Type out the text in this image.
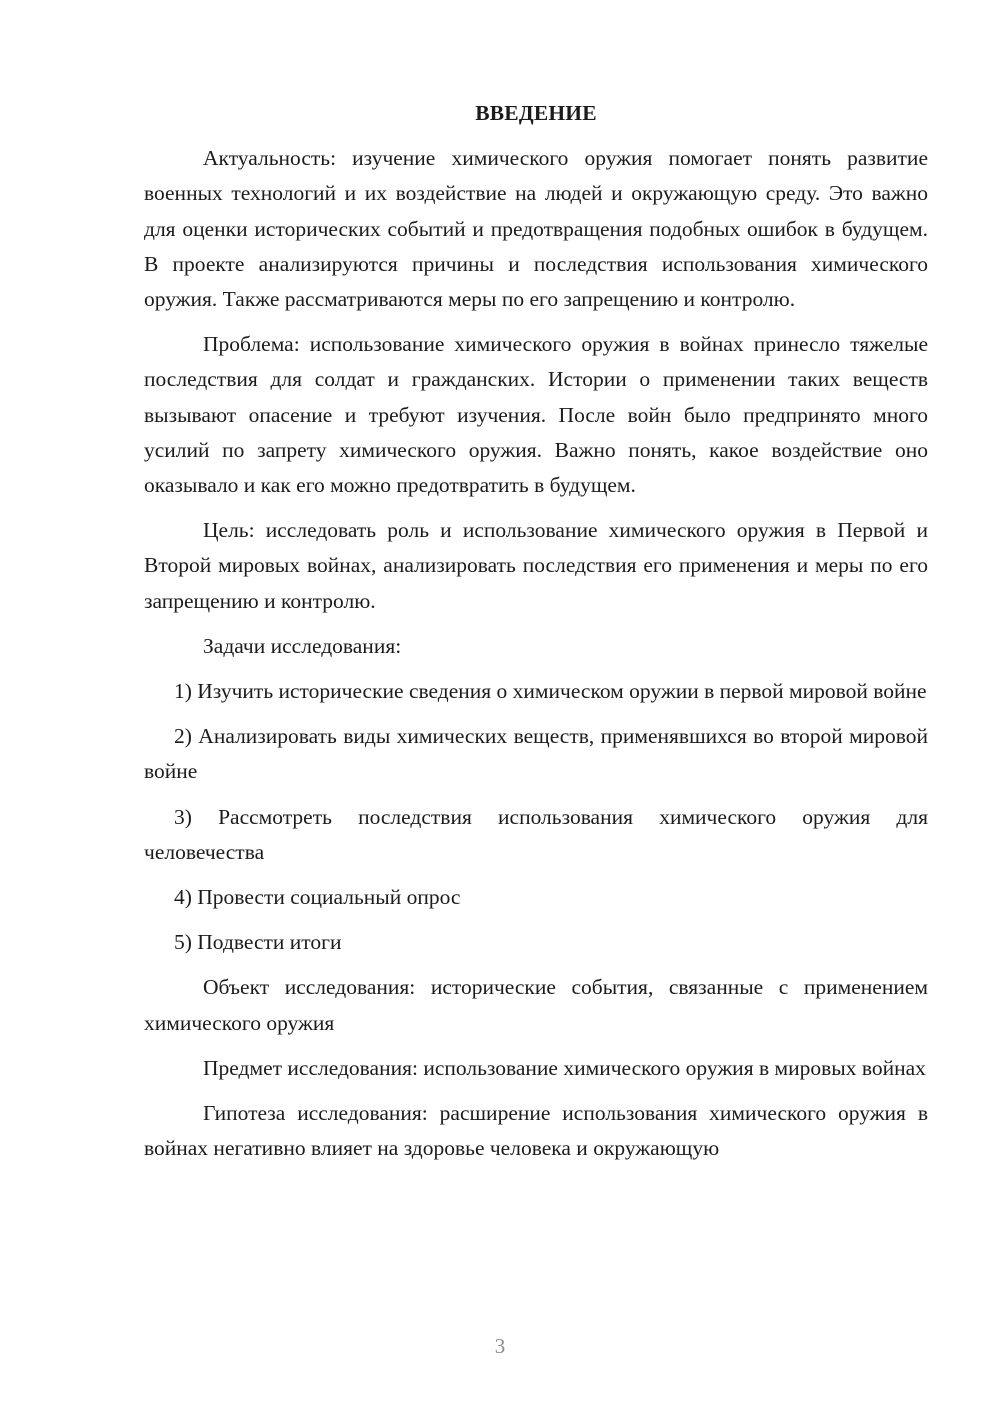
ВВЕДЕНИЕ

Актуальность: изучение химического оружия помогает понять развитие военных технологий и их воздействие на людей и окружающую среду. Это важно для оценки исторических событий и предотвращения подобных ошибок в будущем. В проекте анализируются причины и последствия использования химического оружия. Также рассматриваются меры по его запрещению и контролю.

Проблема: использование химического оружия в войнах принесло тяжелые последствия для солдат и гражданских. Истории о применении таких веществ вызывают опасение и требуют изучения. После войн было предпринято много усилий по запрету химического оружия. Важно понять, какое воздействие оно оказывало и как его можно предотвратить в будущем.

Цель: исследовать роль и использование химического оружия в Первой и Второй мировых войнах, анализировать последствия его применения и меры по его запрещению и контролю.

Задачи исследования:

1) Изучить исторические сведения о химическом оружии в первой мировой войне

2) Анализировать виды химических веществ, применявшихся во второй мировой войне

3) Рассмотреть последствия использования химического оружия для человечества

4) Провести социальный опрос

5) Подвести итоги

Объект исследования: исторические события, связанные с применением химического оружия

Предмет исследования: использование химического оружия в мировых войнах

Гипотеза исследования: расширение использования химического оружия в войнах негативно влияет на здоровье человека и окружающую

3
